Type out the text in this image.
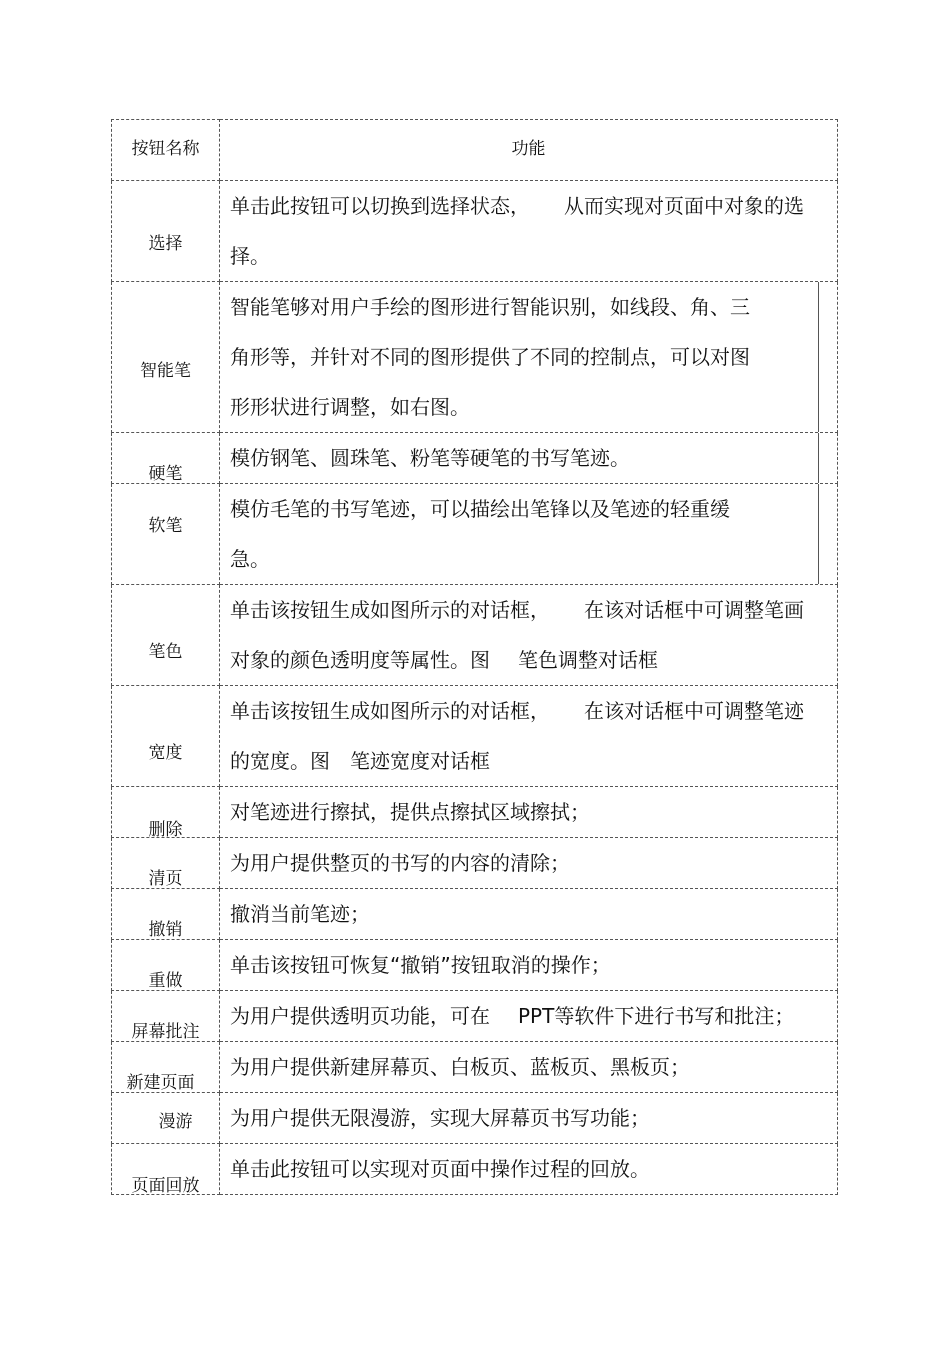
按钮名称	功能

选择	单击此按钮可以切换到选择状态， 从而实现对页面中对象的选
择。

智能笔	智能笔够对用户手绘的图形进行智能识别，如线段、角、三
角形等，并针对不同的图形提供了不同的控制点，可以对图
形形状进行调整，如右图。

硬笔	模仿钢笔、圆珠笔、粉笔等硬笔的书写笔迹。

软笔	模仿毛笔的书写笔迹，可以描绘出笔锋以及笔迹的轻重缓
急。

笔色	单击该按钮生成如图所示的对话框， 在该对话框中可调整笔画
对象的颜色透明度等属性。图 笔色调整对话框

宽度	单击该按钮生成如图所示的对话框， 在该对话框中可调整笔迹
的宽度。图 笔迹宽度对话框

删除	对笔迹进行擦拭，提供点擦拭区域擦拭；

清页	为用户提供整页的书写的内容的清除；

撤销	撤消当前笔迹；

重做	单击该按钮可恢复“撤销”按钮取消的操作；

屏幕批注	为用户提供透明页功能，可在 PPT等软件下进行书写和批注；

新建页面	为用户提供新建屏幕页、白板页、蓝板页、黑板页；

漫游	为用户提供无限漫游，实现大屏幕页书写功能；

页面回放	单击此按钮可以实现对页面中操作过程的回放。
